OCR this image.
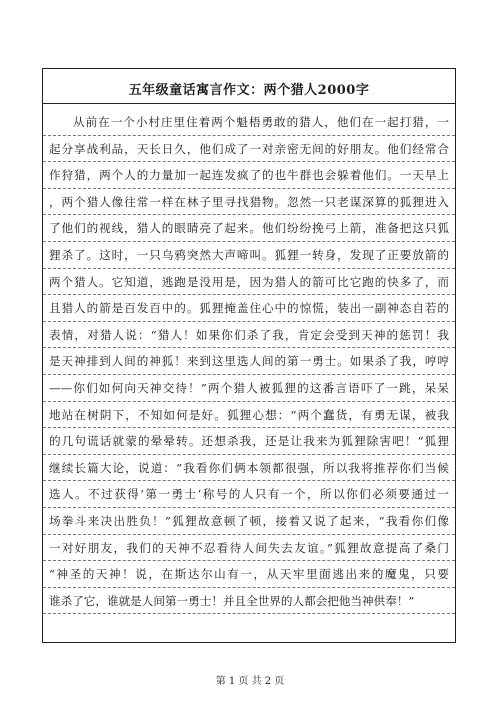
五年级童话寓言作文：两个猎人2000字
从前在一个小村庄里住着两个魁梧勇敢的猎人，他们在一起打猎，一
起分享战利品，天长日久，他们成了一对亲密无间的好朋友。他们经常合
作狩猎，两个人的力量加一起连发疯了的也牛群也会躲着他们。一天早上
，两个猎人像往常一样在林子里寻找猎物。忽然一只老谋深算的狐狸进入
了他们的视线，猎人的眼睛亮了起来。他们纷纷挽弓上箭，准备把这只狐
狸杀了。这时，一只乌鸦突然大声啼叫。狐狸一转身，发现了正要放箭的
两个猎人。它知道，逃跑是没用是，因为猎人的箭可比它跑的快多了，而
且猎人的箭是百发百中的。狐狸掩盖住心中的惊慌，装出一副神态自若的
表情，对猎人说：“猎人！如果你们杀了我，肯定会受到天神的惩罚！我
是天神排到人间的神狐！来到这里选人间的第一勇士。如果杀了我，哼哼
——你们如何向天神交待！”两个猎人被狐狸的这番言语吓了一跳，呆呆
地站在树阴下，不知如何是好。狐狸心想：“两个蠢货，有勇无谋，被我
的几句谎话就蒙的晕晕转。还想杀我，还是让我来为狐狸除害吧！”狐狸
继续长篇大论，说道：“我看你们俩本领都很强，所以我将推荐你们当候
选人。不过获得‘第一勇士’称号的人只有一个，所以你们必须要通过一
场拳斗来决出胜负！”狐狸故意顿了顿，接着又说了起来，“我看你们像
一对好朋友，我们的天神不忍看待人间失去友谊。”狐狸故意提高了桑门
“神圣的天神！说，在斯达尔山有一，从天牢里面逃出来的魔鬼，只要
谁杀了它，谁就是人间第一勇士！并且全世界的人都会把他当神供奉！”
第 1 页 共 2 页
